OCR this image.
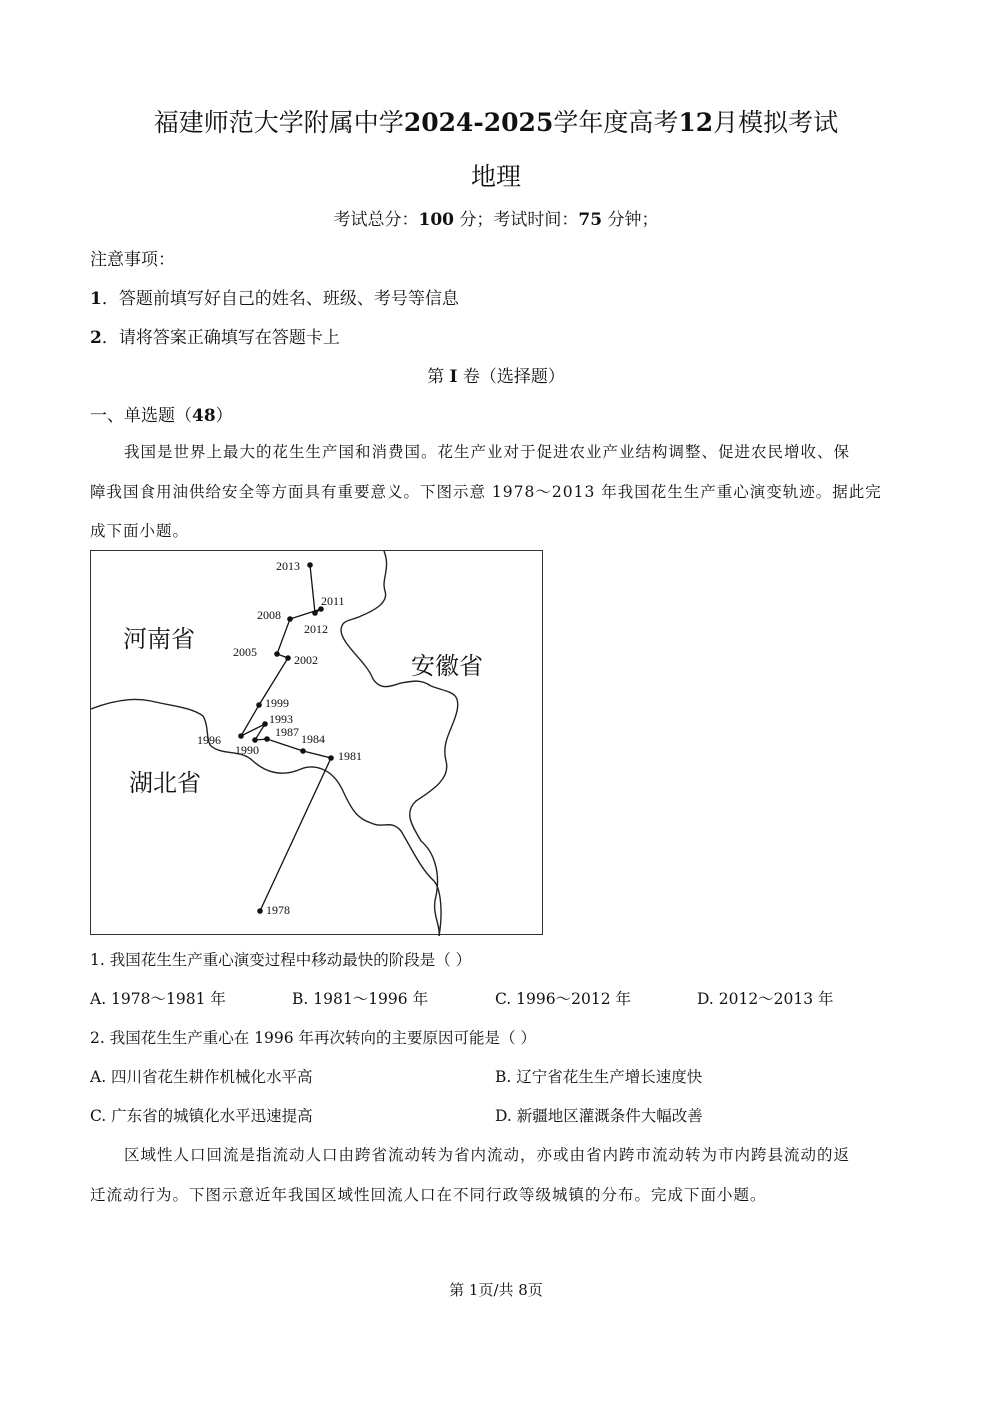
福建师范大学附属中学2024-2025学年度高考12月模拟考试
地理
考试总分：100 分；考试时间：75 分钟；
注意事项：
1．答题前填写好自己的姓名、班级、考号等信息
2．请将答案正确填写在答题卡上
第 I 卷（选择题）
一、单选题（48）
我国是世界上最大的花生生产国和消费国。花生产业对于促进农业产业结构调整、促进农民增收、保
障我国食用油供给安全等方面具有重要意义。下图示意 1978～2013 年我国花生生产重心演变轨迹。据此完
成下面小题。
1978
1981
1984
1987
1990
1993
1996
1999
2002
2005
2008
2011
2012
2013
河南省
安徽省
湖北省
1. 我国花生生产重心演变过程中移动最快的阶段是（ ）
A. 1978～1981 年	B. 1981～1996 年	C. 1996～2012 年	D. 2012～2013 年
2. 我国花生生产重心在 1996 年再次转向的主要原因可能是（ ）
A. 四川省花生耕作机械化水平高	B. 辽宁省花生生产增长速度快
C. 广东省的城镇化水平迅速提高	D. 新疆地区灌溉条件大幅改善
区域性人口回流是指流动人口由跨省流动转为省内流动，亦或由省内跨市流动转为市内跨县流动的返
迁流动行为。下图示意近年我国区域性回流人口在不同行政等级城镇的分布。完成下面小题。
第 1页/共 8页
